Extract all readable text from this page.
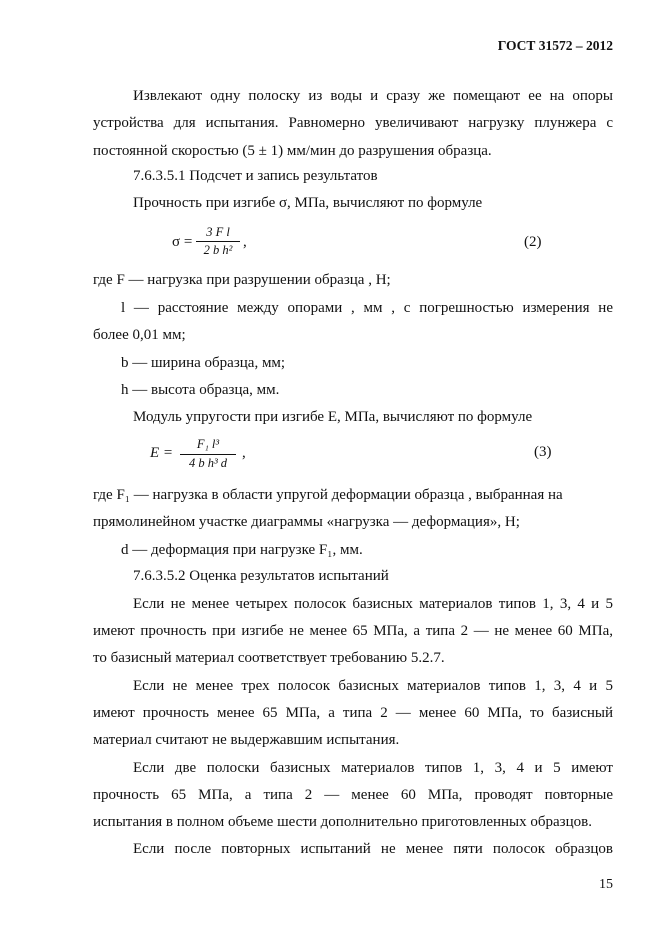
ГОСТ 31572 – 2012
Извлекают одну полоску из воды и сразу же помещают ее на опоры
устройства для испытания. Равномерно увеличивают нагрузку плунжера с
постоянной скоростью (5 ± 1) мм/мин до разрушения образца.
7.6.3.5.1 Подсчет и запись результатов
Прочность при изгибе σ, МПа, вычисляют по формуле
σ =
3 F l
2 b h² ,	(2)
где F — нагрузка при разрушении образца , Н;
l — расстояние между опорами , мм , с погрешностью измерения не
более 0,01 мм;
b — ширина образца, мм;
h — высота образца, мм.
Модуль упругости при изгибе E, МПа, вычисляют по формуле
E =
F₁ l³
4 b h³ d
,	(3)
где F₁ — нагрузка в области упругой деформации образца , выбранная на
прямолинейном участке диаграммы «нагрузка — деформация», Н;
d — деформация при нагрузке F₁, мм.
7.6.3.5.2 Оценка результатов испытаний
Если не менее четырех полосок базисных материалов типов 1, 3, 4 и 5
имеют прочность при изгибе не менее 65 МПа, а типа 2 — не менее 60 МПа,
то базисный материал соответствует требованию 5.2.7.
Если не менее трех полосок базисных материалов типов 1, 3, 4 и 5
имеют прочность менее 65 МПа, а типа 2 — менее 60 МПа, то базисный
материал считают не выдержавшим испытания.
Если две полоски базисных материалов типов 1, 3, 4 и 5 имеют
прочность 65 МПа, а типа 2 — менее 60 МПа, проводят повторные
испытания в полном объеме шести дополнительно приготовленных образцов.
Если после повторных испытаний не менее пяти полосок образцов
15
